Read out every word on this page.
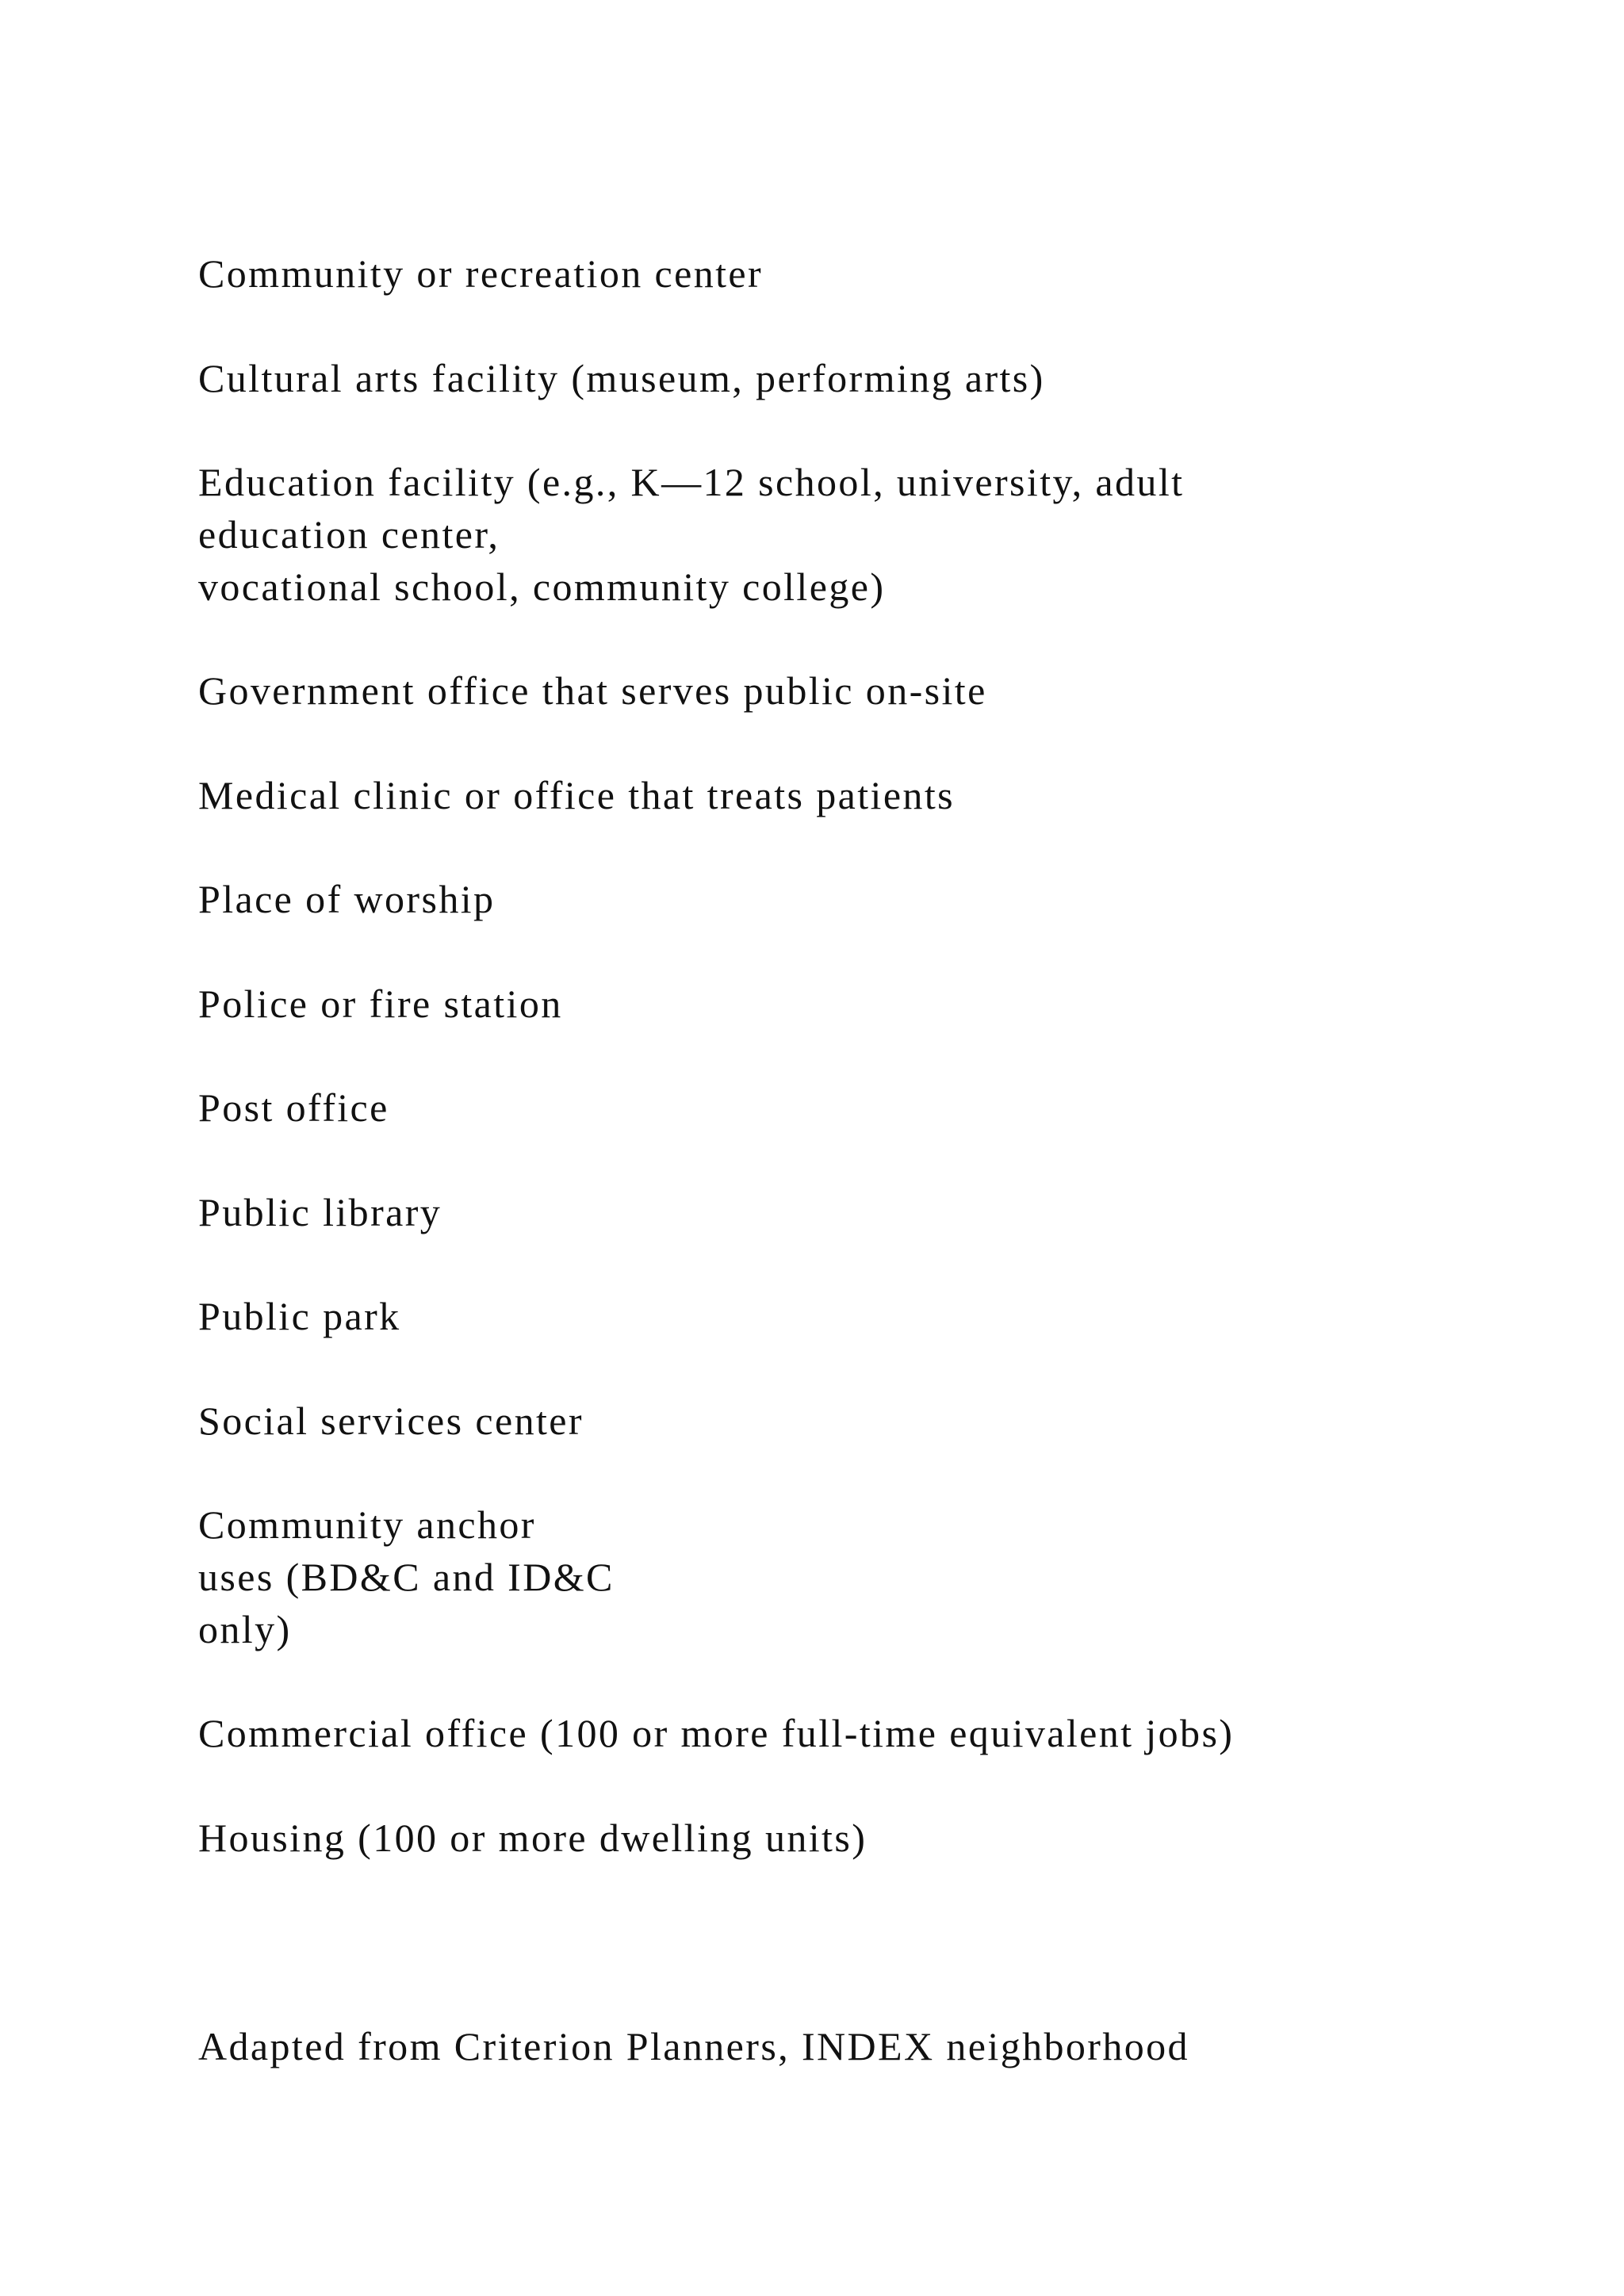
Community or recreation center

Cultural arts facility (museum, performing arts)

Education facility (e.g., K—12 school, university, adult

education center,

vocational school, community college)

Government office that serves public on-site

Medical clinic or office that treats patients

Place of worship

Police or fire station

Post office

Public library

Public park

Social services center

Community anchor

uses (BD&C and ID&C

only)

Commercial office (100 or more full-time equivalent jobs)

Housing (100 or more dwelling units)

Adapted from Criterion Planners, INDEX neighborhood
